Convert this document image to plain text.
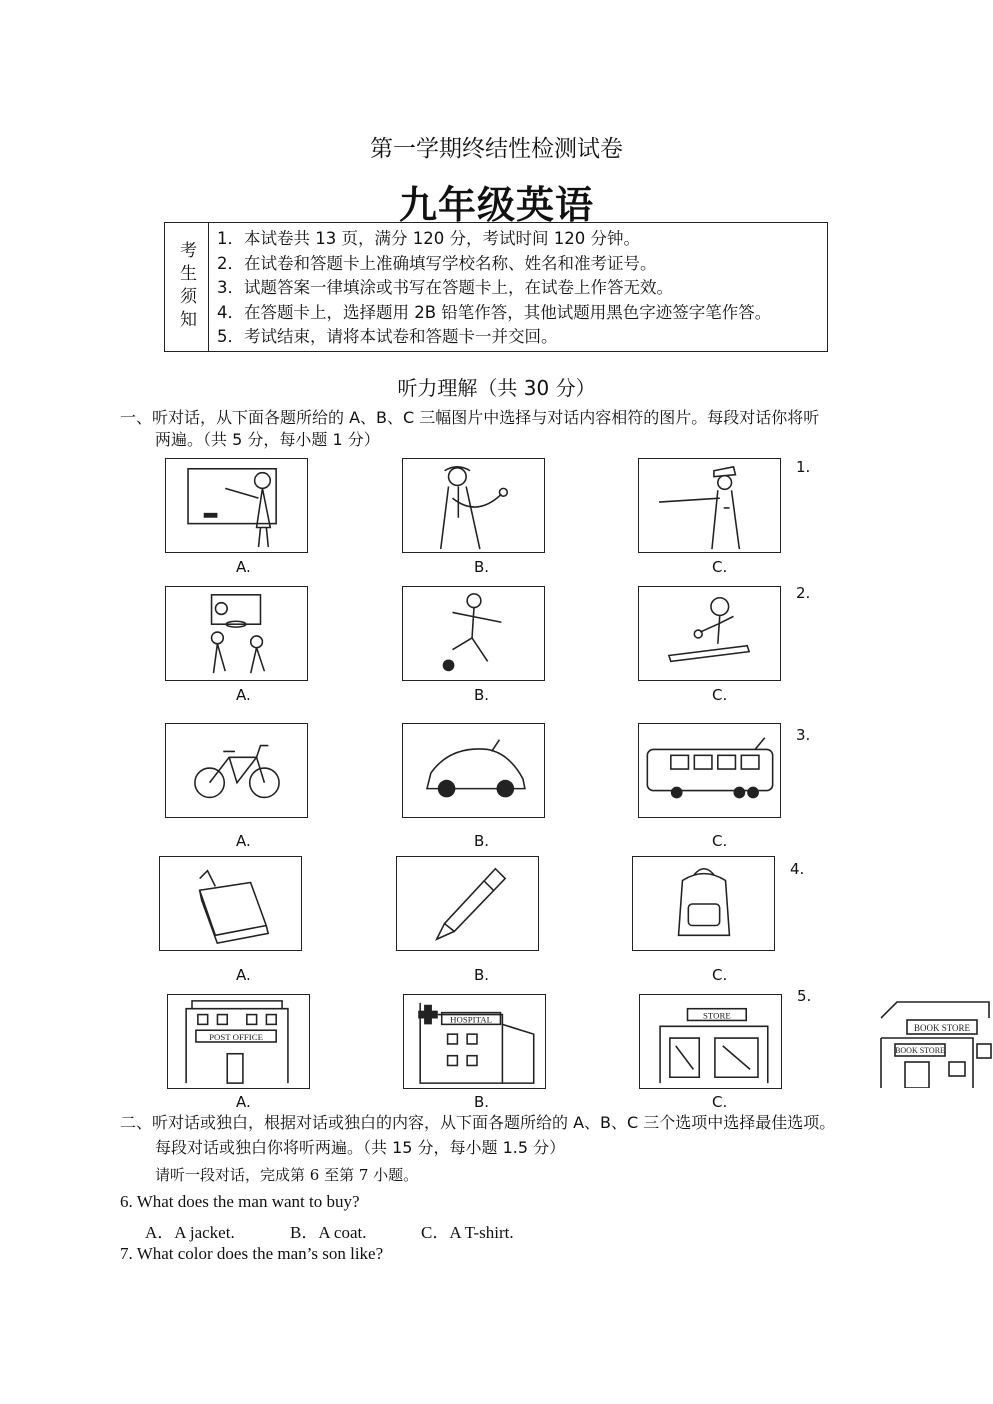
第一学期终结性检测试卷
九年级英语
考生须知
1．本试卷共 13 页，满分 120 分，考试时间 120 分钟。
2．在试卷和答题卡上准确填写学校名称、姓名和准考证号。
3．试题答案一律填涂或书写在答题卡上，在试卷上作答无效。
4．在答题卡上，选择题用 2B 铅笔作答，其他试题用黑色字迹签字笔作答。
5．考试结束，请将本试卷和答题卡一并交回。
听力理解（共 30 分）
一、听对话，从下面各题所给的 A、B、C 三幅图片中选择与对话内容相符的图片。每段对话你将听
两遍。（共 5 分，每小题 1 分）
A.	B.	C.
1.
A.	B.	C.
2.
A.	B.	C.
3.
A.	B.	C.
4.
POST OFFICE
HOSPITAL	STORE
A.	B.	C.
5.
BOOK STORE
BOOK STORE
二、听对话或独白，根据对话或独白的内容，从下面各题所给的 A、B、C 三个选项中选择最佳选项。
每段对话或独白你将听两遍。（共 15 分，每小题 1.5 分）
请听一段对话，完成第 6 至第 7 小题。
6. What does the man want to buy?
A．A jacket.	B．A coat.	C．A T-shirt.
7. What color does the man’s son like?
